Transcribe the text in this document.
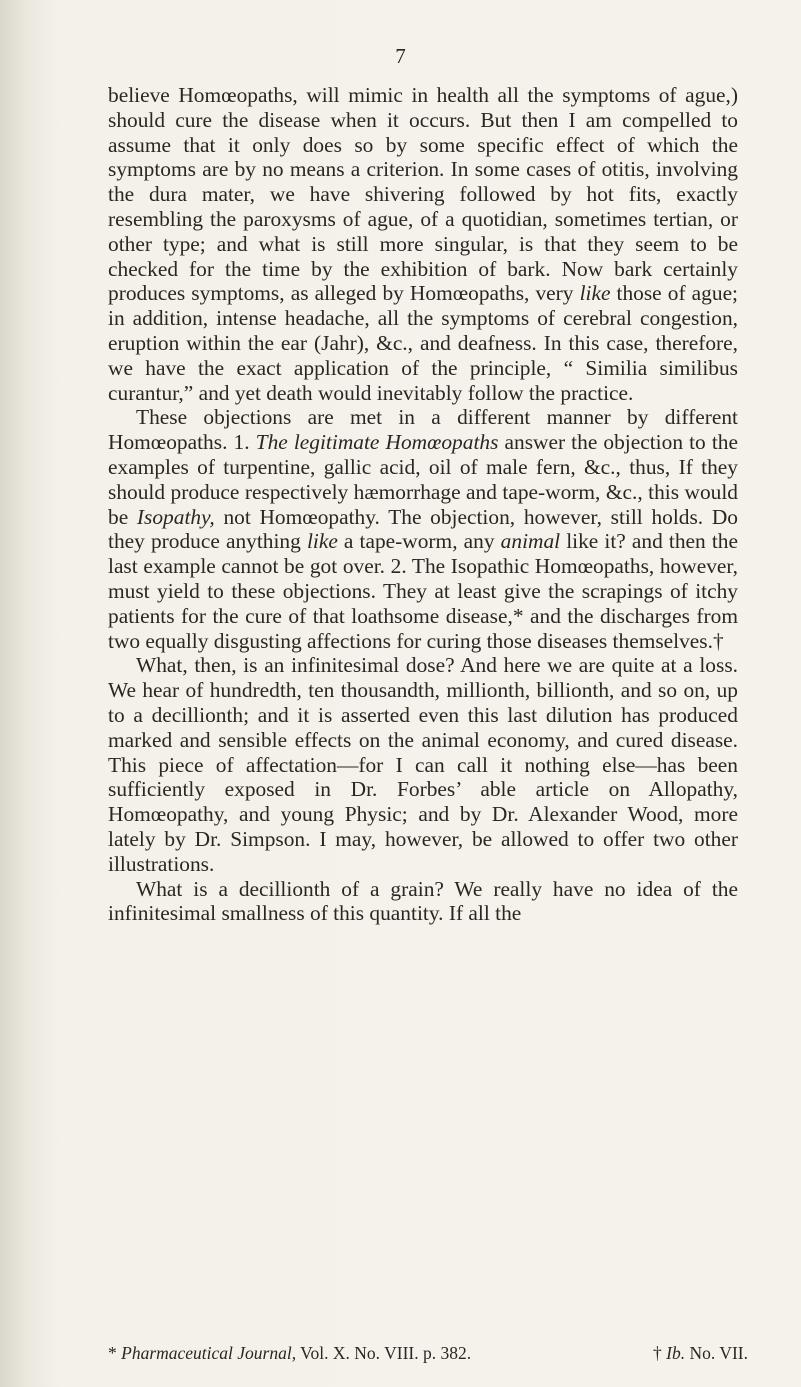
7

believe Homœopaths, will mimic in health all the symptoms of ague,) should cure the disease when it occurs. But then I am compelled to assume that it only does so by some specific effect of which the symptoms are by no means a criterion. In some cases of otitis, involving the dura mater, we have shivering followed by hot fits, exactly resembling the paroxysms of ague, of a quotidian, sometimes tertian, or other type; and what is still more singular, is that they seem to be checked for the time by the exhibition of bark. Now bark certainly produces symptoms, as alleged by Homœopaths, very like those of ague; in addition, intense headache, all the symptoms of cerebral congestion, eruption within the ear (Jahr), &c., and deafness. In this case, therefore, we have the exact application of the principle, “ Similia similibus curantur,” and yet death would inevitably follow the practice.

These objections are met in a different manner by different Homœopaths. 1. The legitimate Homœopaths answer the objection to the examples of turpentine, gallic acid, oil of male fern, &c., thus, If they should produce respectively hæmorrhage and tape-worm, &c., this would be Isopathy, not Homœopathy. The objection, however, still holds. Do they produce anything like a tape-worm, any animal like it? and then the last example cannot be got over. 2. The Isopathic Homœopaths, however, must yield to these objections. They at least give the scrapings of itchy patients for the cure of that loathsome disease,* and the discharges from two equally disgusting affections for curing those diseases themselves.†

What, then, is an infinitesimal dose? And here we are quite at a loss. We hear of hundredth, ten thousandth, millionth, billionth, and so on, up to a decillionth; and it is asserted even this last dilution has produced marked and sensible effects on the animal economy, and cured disease. This piece of affectation—for I can call it nothing else—has been sufficiently exposed in Dr. Forbes’ able article on Allopathy, Homœopathy, and young Physic; and by Dr. Alexander Wood, more lately by Dr. Simpson. I may, however, be allowed to offer two other illustrations.

What is a decillionth of a grain? We really have no idea of the infinitesimal smallness of this quantity. If all the

* Pharmaceutical Journal, Vol. X. No. VIII. p. 382.	† Ib. No. VII.
